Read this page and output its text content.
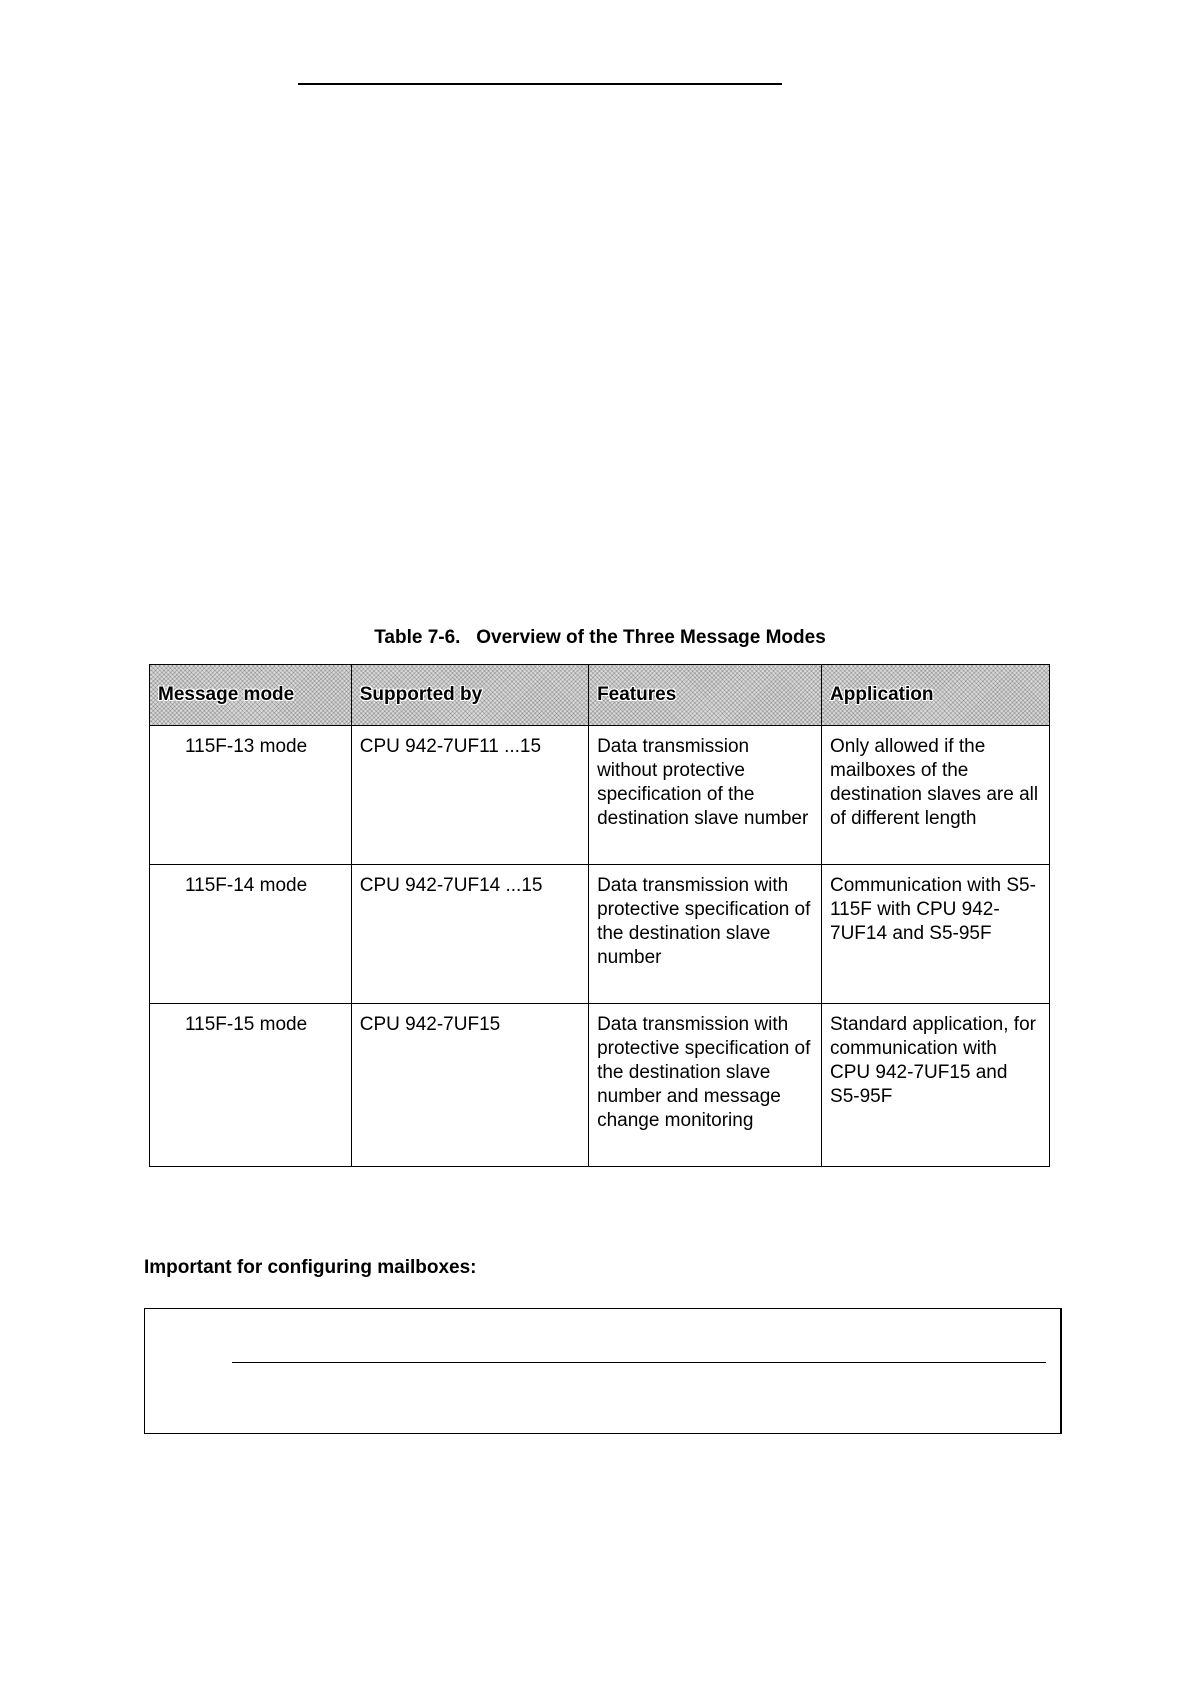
Table 7-6.   Overview of the Three Message Modes
Message mode	Supported by	Features	Application
115F-13 mode	CPU 942-7UF11 ...15	Data transmission without protective specification of the destination slave number	Only allowed if the mailboxes of the destination slaves are all of different length
115F-14 mode	CPU 942-7UF14 ...15	Data transmission with protective specification of the destination slave number	Communication with S5-115F with CPU 942-7UF14 and S5-95F
115F-15 mode	CPU 942-7UF15	Data transmission with protective specification of the destination slave number and message change monitoring	Standard application, for communication with CPU 942-7UF15 and S5-95F
Important for configuring mailboxes:
